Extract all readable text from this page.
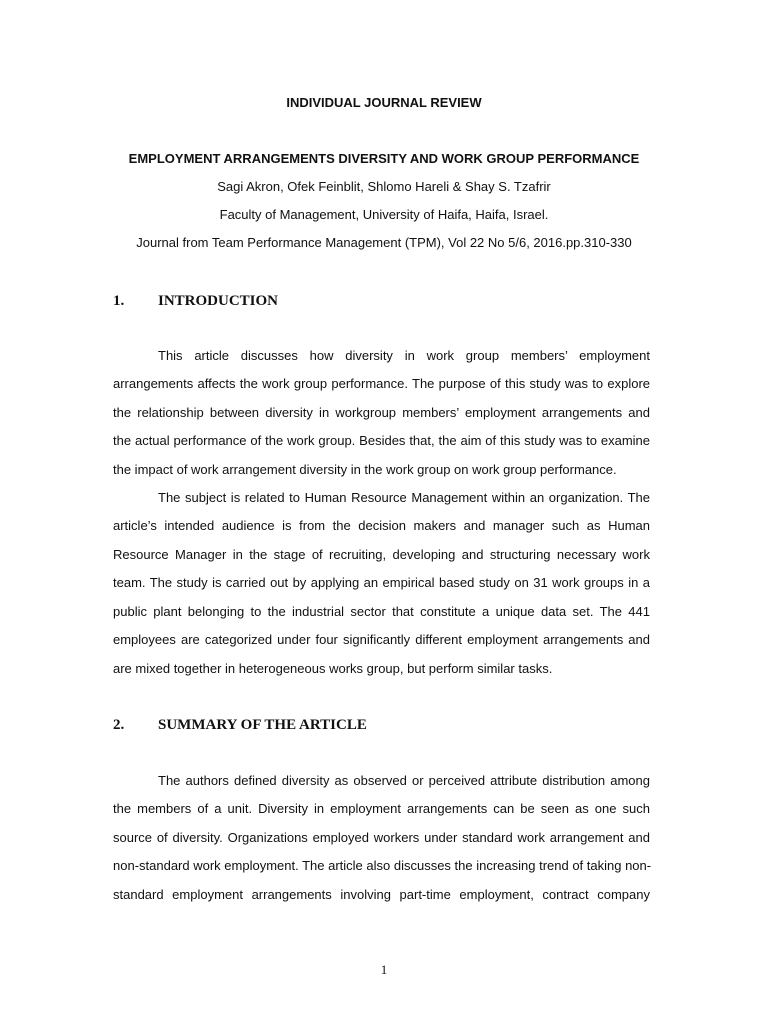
INDIVIDUAL JOURNAL REVIEW
EMPLOYMENT ARRANGEMENTS DIVERSITY AND WORK GROUP PERFORMANCE
Sagi Akron, Ofek Feinblit, Shlomo Hareli & Shay S. Tzafrir
Faculty of Management, University of Haifa, Haifa, Israel.
Journal from Team Performance Management (TPM), Vol 22 No 5/6, 2016.pp.310-330
1. INTRODUCTION
This article discusses how diversity in work group members’ employment
arrangements affects the work group performance. The purpose of this study was to explore
the relationship between diversity in workgroup members’ employment arrangements and
the actual performance of the work group. Besides that, the aim of this study was to examine
the impact of work arrangement diversity in the work group on work group performance.
The subject is related to Human Resource Management within an organization. The
article’s intended audience is from the decision makers and manager such as Human
Resource Manager in the stage of recruiting, developing and structuring necessary work
team. The study is carried out by applying an empirical based study on 31 work groups in a
public plant belonging to the industrial sector that constitute a unique data set. The 441
employees are categorized under four significantly different employment arrangements and
are mixed together in heterogeneous works group, but perform similar tasks.
2. SUMMARY OF THE ARTICLE
The authors defined diversity as observed or perceived attribute distribution among
the members of a unit. Diversity in employment arrangements can be seen as one such
source of diversity. Organizations employed workers under standard work arrangement and
non-standard work employment. The article also discusses the increasing trend of taking non-
standard employment arrangements involving part-time employment, contract company
1
